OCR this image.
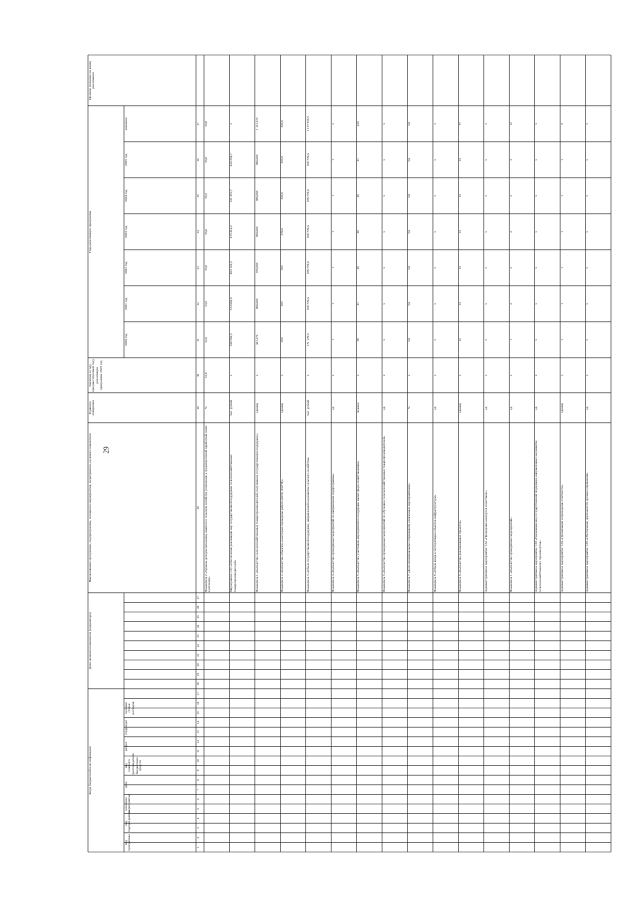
29
Коды бюджетной классификации
Доля целевого показателя (индикатора)
Наименование программы, подпрограммы, основного мероприятия, мероприятия, целевого показателя
Единица измерения
Значение в году, предшествующем году реализации программы 2019 год
Годы реализации программы
Целевое значение на конец реализации
2020 год
2021 год
2022 год
2023 год
2024 год
2025 год
значение
код программы
код подпрограммы
основное мероприятие
цель
код главного распорядителя бюджетных средств
раздел
подраздел
целевая статья расходов
1
2
3
4
5
6
7
8
9
10
11
12
13
14
15
16
17
18
19
20
21
22
23
24
25
26
27
28
29
30
31
32
33
34
35
36
37
Показатель 2 «Уровень доходов населения, занятого в сельском хозяйстве (отношение к среднемесячной заработной плате в регионе)»
%
51,8
52,0
53,6
55,0
56,0
56,5
56,8
56,8
Мероприятие 1.01 «Обеспечение реализации мер государственной поддержки сельскохозяйственных товаропроизводителей»
тыс. рублей
х
340 502,5
374 902,0
403 122,3
415 414,2
411 451,7
420 354,7
х
Показатель 1 «Количество сельскохозяйственных товаропроизводителей, получивших государственную поддержку»
единиц
х
441,172
900,000
970,000
960,000
980,000
990,000
1 111,172
Показатель 2 «Количество объектов, на которых проведены работы (КРФ, ФОГП)»
единиц
х
360
365
365
370,0
363,0
363,0
363,0
Показатель 3 «Объем государственной поддержки, направленной на развитие сельского хозяйства»
тыс. рублей
х
171 179,5
189 779,0
189 779,0
189 779,0
189 779,0
189 779,0
1 177 655,5
Показатель 4 «Количество проведённых мероприятий по направлению подпрограммы»
ед.
х
1
1
1
1
1
1
х
Показатель 5 «Количество участников мероприятий по поддержке малых форм хозяйствования»
человек
х
38
41
40
40
40
41
226
Показатель 6 «Количество проведенных мероприятий по обучению сельскохозяйственных товаропроизводителей»
ед.
х
х
х
х
х
х
х
х
Показатель 7 «Доля муниципальных образований, охваченных мероприятиями»
%
х
5,0
5,0
5,0
5,0
5,0
5,0
5,0
Показатель 8 «Объем ввода в эксплуатацию объектов инфраструктуры»
ед.
х
х
х
х
х
х
х
х
Показатель 9 «Количество реализованных проектов»
единиц
х
12
13
13
13
13
13
77
Административное мероприятие 1.02 «Проведение конкурсов и выставок»
ед.
х
х
х
х
х
х
х
х
Показатель 1 «Количество проведённых мероприятий»
ед.
х
1
2
2
2
2
3
12
Административное мероприятие 1.03 «Реализация мер государственной поддержки, направленных на развитие сельскохозяйственного производства»
ед.
х
х
х
х
х
х
х
х
Административное мероприятие 1.04 «Организация и проведение отчётности»
единиц
х
1
1
1
1
1
1
6
Административное мероприятие 1.05 «Обеспечение деятельности органов управления»
ед.
х
х
х
х
х
х
х
х
